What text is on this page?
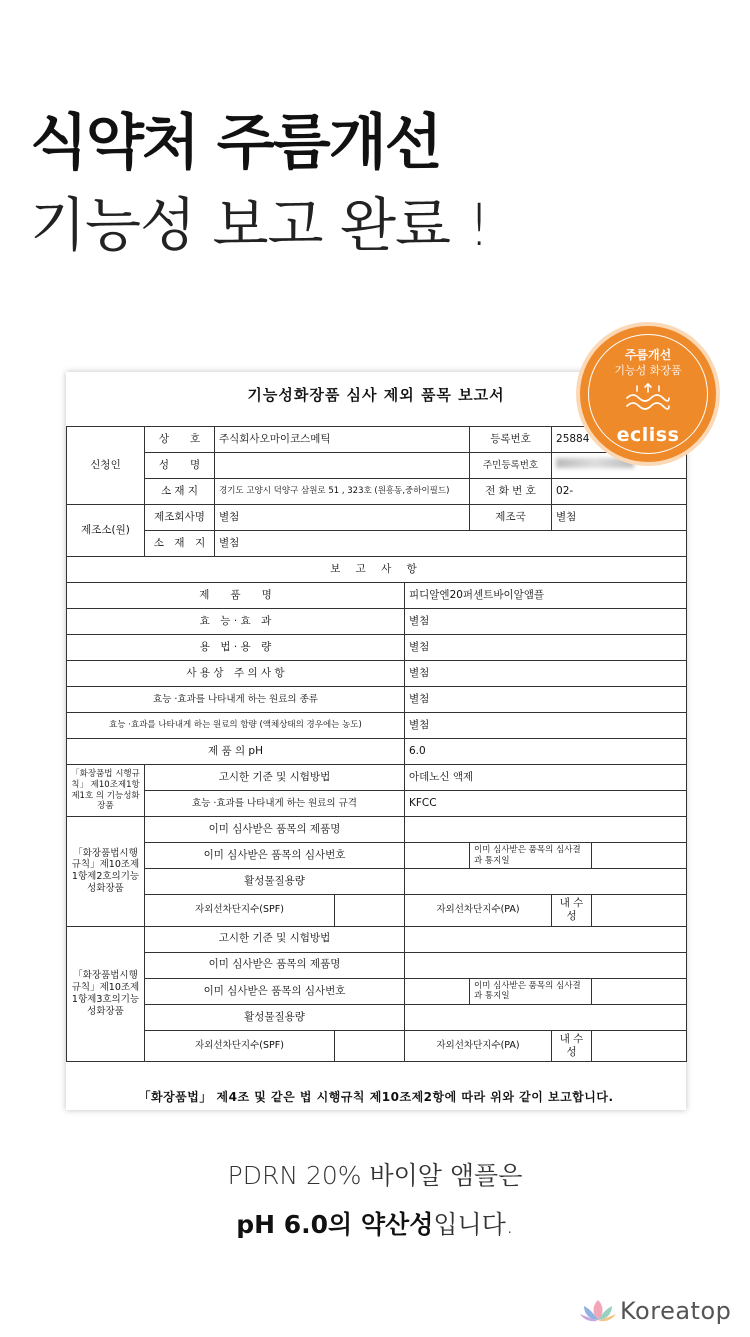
식약처 주름개선
기능성 보고 완료 !
기능성화장품 심사 제외 품목 보고서
신청인	상　　호	주식회사오마이코스메틱			등록번호	25884	
	성　　명				주민등록번호		
	소 재 지	경기도 고양시 덕양구 삼원로 51 , 323호 (원흥동,중하이필드)			전 화 번 호	02-	
제조소(원)	제조회사명	별첨			제조국	별첨	
	소　재　지	별첨					
보 고 사 항							
제　　품　　명				피디알엔20퍼센트바이알앰플			
효　능 · 효　과				별첨			
용　법 · 용　량				별첨			
사 용 상　주 의 사 항				별첨			
효능 ·효과를 나타내게 하는 원료의 종류				별첨			
효능 ·효과를 나타내게 하는 원료의 함량 (액체상태의 경우에는 농도)				별첨			
제 품 의 pH				6.0			
「화장품법 시행규칙」 제10조제1항제1호 의 기능성화장품	고시한 기준 및 시험방법			아데노신 액제			
	효능 ·효과를 나타내게 하는 원료의 규격			KFCC			
「화장품법시행규칙」제10조제1항제2호의기능성화장품	이미 심사받은 품목의 제품명						
	이미 심사받은 품목의 심사번호				이미 심사받은 품목의 심사결과 통지일		
	활성물질용량						
	자외선차단지수(SPF)			자외선차단지수(PA)		내 수 성	
「화장품법시행규칙」제10조제1항제3호의기능성화장품	고시한 기준 및 시험방법						
	이미 심사받은 품목의 제품명						
	이미 심사받은 품목의 심사번호				이미 심사받은 품목의 심사결과 통지일		
	활성물질용량						
	자외선차단지수(SPF)			자외선차단지수(PA)		내 수 성	
「화장품법」 제4조 및 같은 법 시행규칙 제10조제2항에 따라 위와 같이 보고합니다.
주름개선
기능성 화장품
ecliss
PDRN 20% 바이알 앰플은
pH 6.0의 약산성입니다.
Koreatop
